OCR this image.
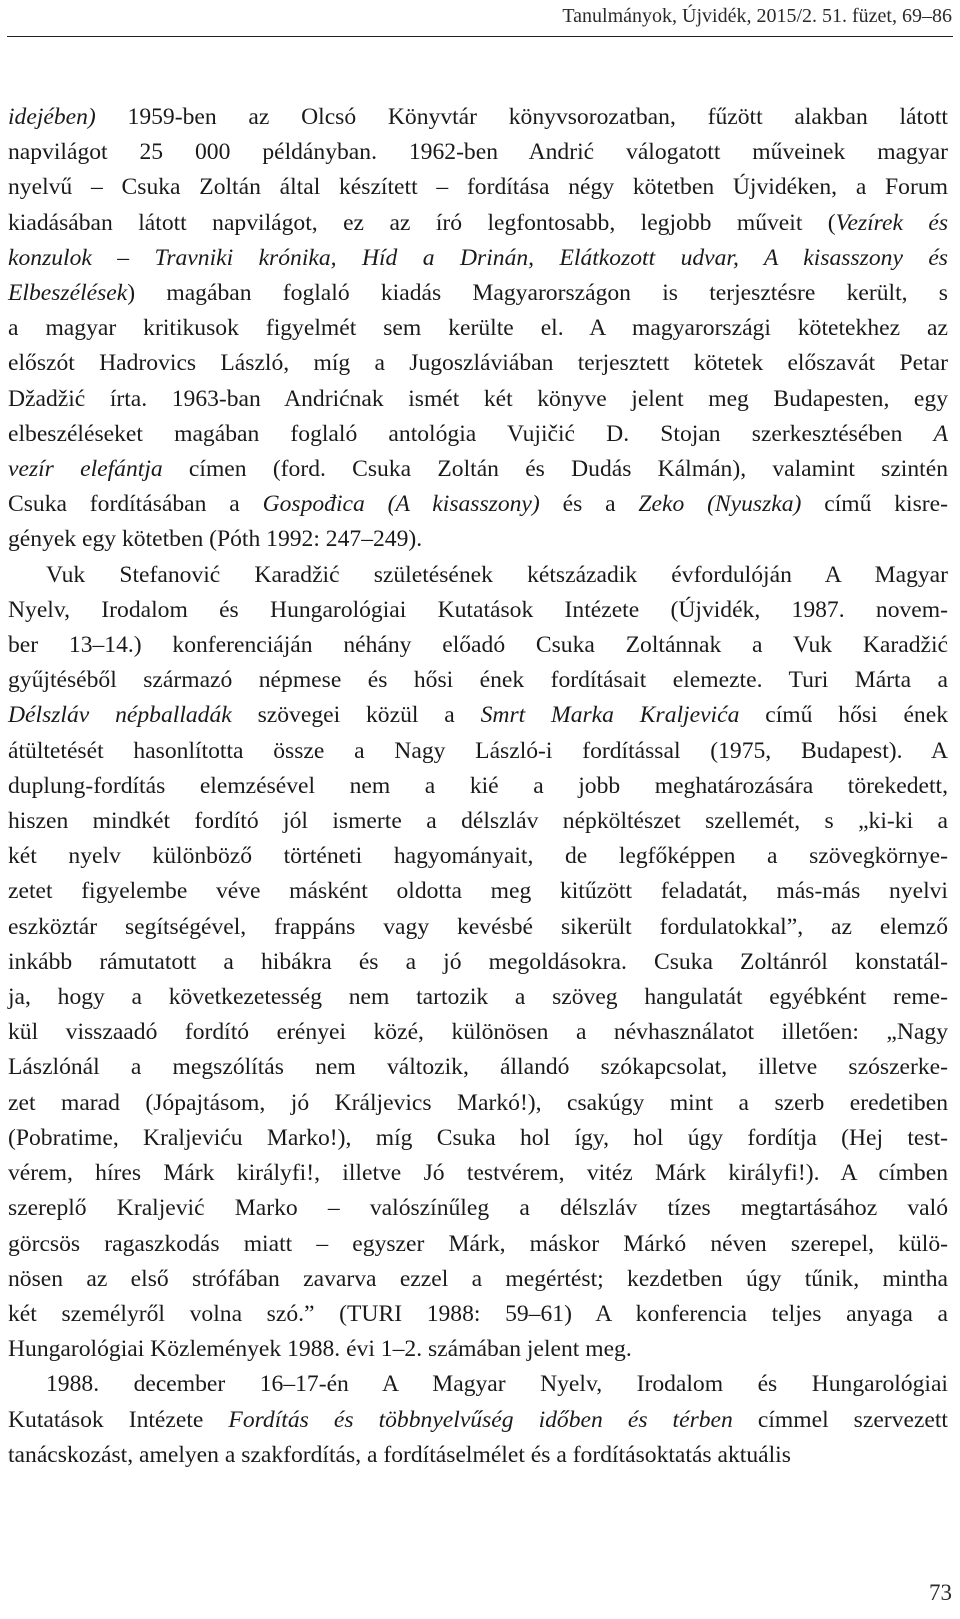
Tanulmányok, Újvidék, 2015/2. 51. füzet, 69–86
idejében) 1959-ben az Olcsó Könyvtár könyvsorozatban, fűzött alakban látott
napvilágot 25 000 példányban. 1962-ben Andrić válogatott műveinek magyar
nyelvű – Csuka Zoltán által készített – fordítása négy kötetben Újvidéken, a Forum
kiadásában látott napvilágot, ez az író legfontosabb, legjobb műveit (Vezírek és
konzulok – Travniki krónika, Híd a Drinán, Elátkozott udvar, A kisasszony és
Elbeszélések) magában foglaló kiadás Magyarországon is terjesztésre került, s
a magyar kritikusok figyelmét sem kerülte el. A magyarországi kötetekhez az
előszót Hadrovics László, míg a Jugoszláviában terjesztett kötetek előszavát Petar
Džadžić írta. 1963-ban Andrićnak ismét két könyve jelent meg Budapesten, egy
elbeszéléseket magában foglaló antológia Vujičić D. Stojan szerkesztésében A
vezír elefántja címen (ford. Csuka Zoltán és Dudás Kálmán), valamint szintén
Csuka fordításában a Gospođica (A kisasszony) és a Zeko (Nyuszka) című kisre-
gények egy kötetben (Póth 1992: 247–249).
Vuk Stefanović Karadžić születésének kétszázadik évfordulóján A Magyar
Nyelv, Irodalom és Hungarológiai Kutatások Intézete (Újvidék, 1987. novem-
ber 13–14.) konferenciáján néhány előadó Csuka Zoltánnak a Vuk Karadžić
gyűjtéséből származó népmese és hősi ének fordításait elemezte. Turi Márta a
Délszláv népballadák szövegei közül a Smrt Marka Kraljevića című hősi ének
átültetését hasonlította össze a Nagy László-i fordítással (1975, Budapest). A
duplung-fordítás elemzésével nem a kié a jobb meghatározására törekedett,
hiszen mindkét fordító jól ismerte a délszláv népköltészet szellemét, s „ki-ki a
két nyelv különböző történeti hagyományait, de legfőképpen a szövegkörnye-
zetet figyelembe véve másként oldotta meg kitűzött feladatát, más-más nyelvi
eszköztár segítségével, frappáns vagy kevésbé sikerült fordulatokkal”, az elemző
inkább rámutatott a hibákra és a jó megoldásokra. Csuka Zoltánról konstatál-
ja, hogy a következetesség nem tartozik a szöveg hangulatát egyébként reme-
kül visszaadó fordító erényei közé, különösen a névhasználatot illetően: „Nagy
Lászlónál a megszólítás nem változik, állandó szókapcsolat, illetve szószerke-
zet marad (Jópajtásom, jó Králjevics Markó!), csakúgy mint a szerb eredetiben
(Pobratime, Kraljeviću Marko!), míg Csuka hol így, hol úgy fordítja (Hej test-
vérem, híres Márk királyfi!, illetve Jó testvérem, vitéz Márk királyfi!). A címben
szereplő Kraljević Marko – valószínűleg a délszláv tízes megtartásához való
görcsös ragaszkodás miatt – egyszer Márk, máskor Márkó néven szerepel, külö-
nösen az első strófában zavarva ezzel a megértést; kezdetben úgy tűnik, mintha
két személyről volna szó.” (TURI 1988: 59–61) A konferencia teljes anyaga a
Hungarológiai Közlemények 1988. évi 1–2. számában jelent meg.
1988. december 16–17-én A Magyar Nyelv, Irodalom és Hungarológiai
Kutatások Intézete Fordítás és többnyelvűség időben és térben címmel szervezett
tanácskozást, amelyen a szakfordítás, a fordításelmélet és a fordításoktatás aktuális
73
